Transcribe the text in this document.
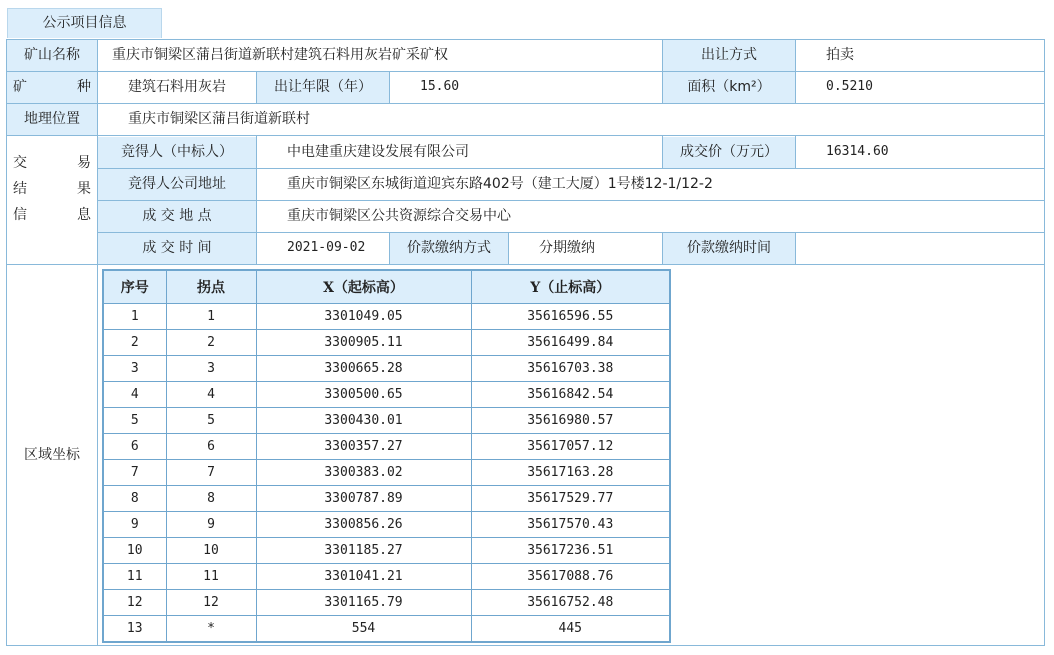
公示项目信息
矿山名称	重庆市铜梁区蒲吕街道新联村建筑石料用灰岩矿采矿权	出让方式	拍卖
矿	种	建筑石料用灰岩	出让年限（年）	15.60	面积（km²）	0.5210
地理位置	重庆市铜梁区蒲吕街道新联村
交	易
结	果
信	息
竞得人（中标人）	中电建重庆建设发展有限公司	成交价（万元）	16314.60
竞得人公司地址	重庆市铜梁区东城街道迎宾东路402号（建工大厦）1号楼12-1/12-2
成 交 地 点	重庆市铜梁区公共资源综合交易中心
成 交 时 间	2021-09-02	价款缴纳方式	分期缴纳	价款缴纳时间
区域坐标
序号	拐点	X（起标高）	Y（止标高）
1	1	3301049.05	35616596.55
2	2	3300905.11	35616499.84
3	3	3300665.28	35616703.38
4	4	3300500.65	35616842.54
5	5	3300430.01	35616980.57
6	6	3300357.27	35617057.12
7	7	3300383.02	35617163.28
8	8	3300787.89	35617529.77
9	9	3300856.26	35617570.43
10	10	3301185.27	35617236.51
11	11	3301041.21	35617088.76
12	12	3301165.79	35616752.48
13	*	554	445
